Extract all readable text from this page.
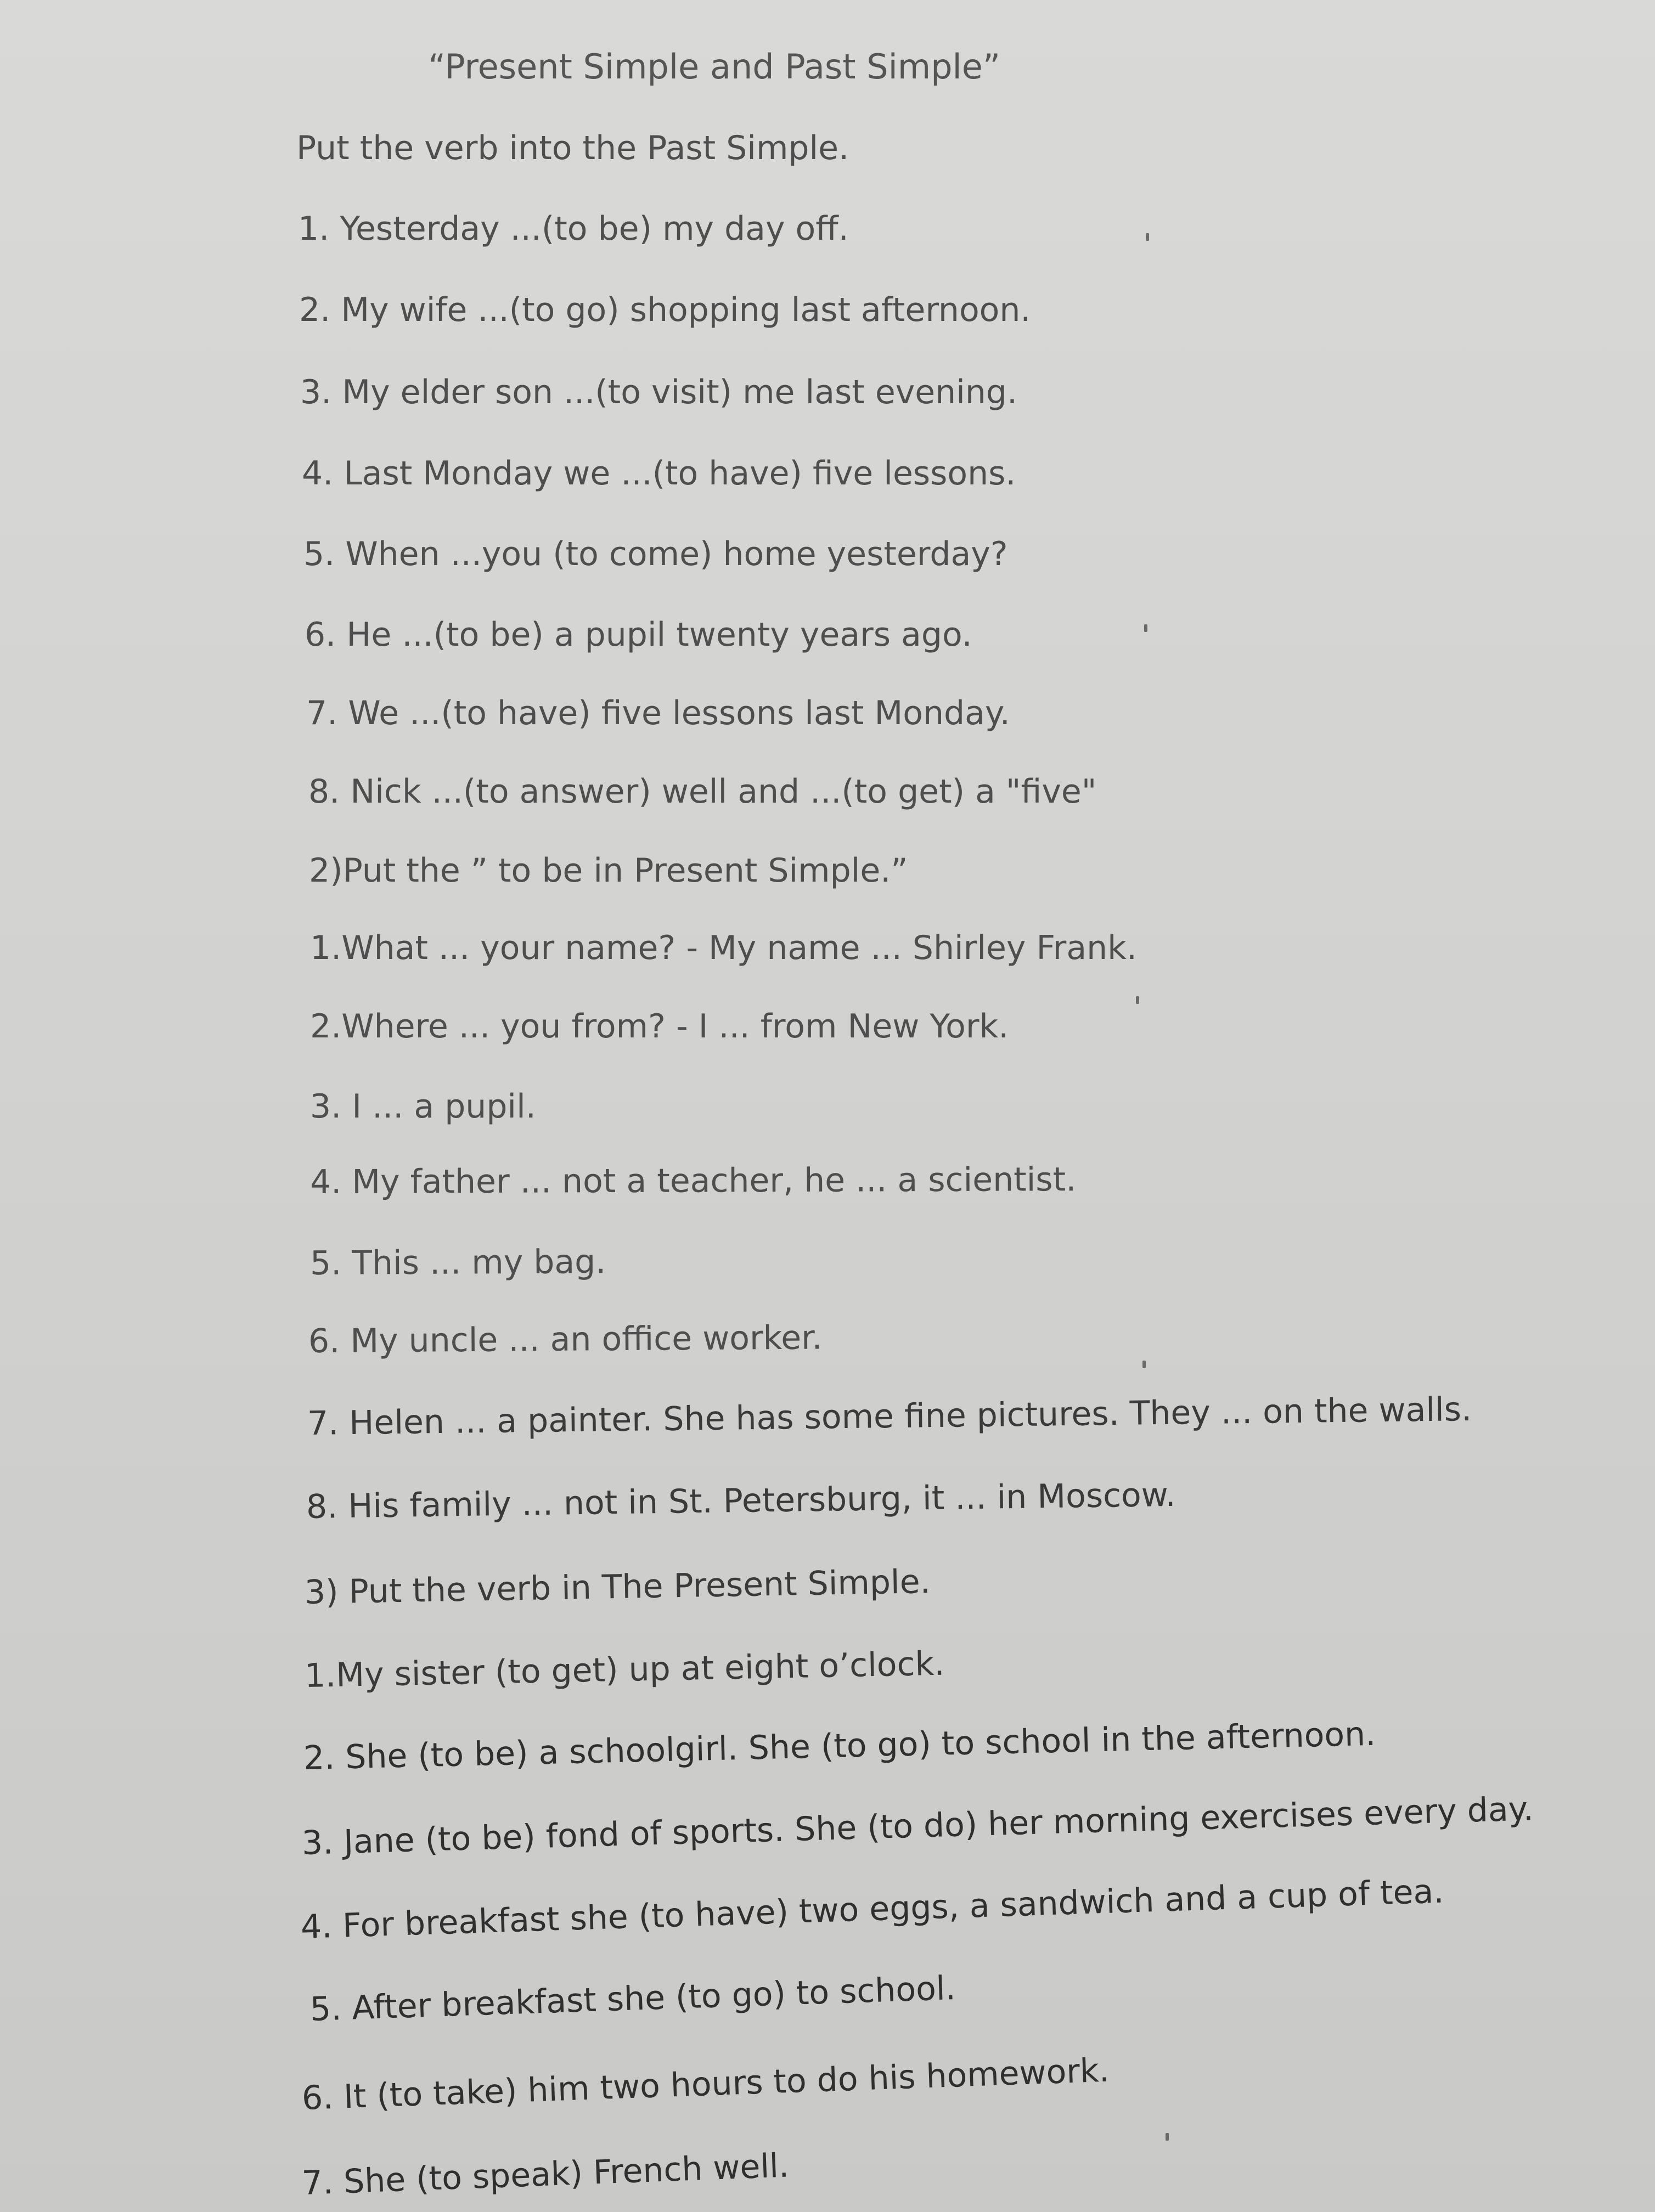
“Present Simple and Past Simple”
Put the verb into the Past Simple.
1. Yesterday ...(to be) my day off.
2. My wife ...(to go) shopping last afternoon.
3. My elder son ...(to visit) me last evening.
4. Last Monday we ...(to have) five lessons.
5. When ...you (to come) home yesterday?
6. He ...(to be) a pupil twenty years ago.
7. We ...(to have) five lessons last Monday.
8. Nick ...(to answer) well and ...(to get) a "five"
2)Put the ” to be in Present Simple.”
1.What ... your name? - My name ... Shirley Frank.
2.Where ... you from? - I ... from New York.
3. I ... a pupil.
4. My father ... not a teacher, he ... a scientist.
5. This ... my bag.
6. My uncle ... an office worker.
7. Helen ... a painter. She has some fine pictures. They ... on the walls.
8. His family ... not in St. Petersburg, it ... in Moscow.
3) Put the verb in The Present Simple.
1.My sister (to get) up at eight o’clock.
2. She (to be) a schoolgirl. She (to go) to school in the afternoon.
3. Jane (to be) fond of sports. She (to do) her morning exercises every day.
4. For breakfast she (to have) two eggs, a sandwich and a cup of tea.
5. After breakfast she (to go) to school.
6. It (to take) him two hours to do his homework.
7. She (to speak) French well.
